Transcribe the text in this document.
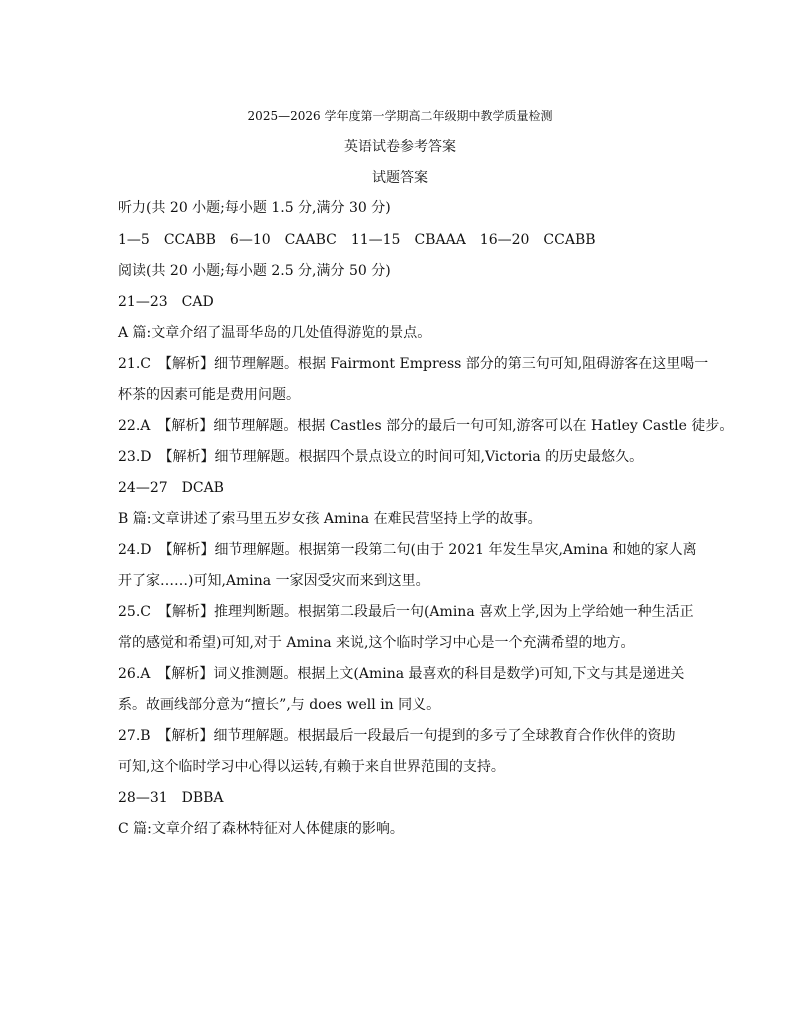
2025—2026 学年度第一学期高二年级期中教学质量检测
英语试卷参考答案
试题答案
听力(共 20 小题;每小题 1.5 分,满分 30 分)
1—5　CCABB　6—10　CAABC　11—15　CBAAA　16—20　CCABB
阅读(共 20 小题;每小题 2.5 分,满分 50 分)
21—23　CAD
A 篇:文章介绍了温哥华岛的几处值得游览的景点。
21.C　【解析】细节理解题。根据 Fairmont Empress 部分的第三句可知,阻碍游客在这里喝一
杯茶的因素可能是费用问题。
22.A　【解析】细节理解题。根据 Castles 部分的最后一句可知,游客可以在 Hatley Castle 徒步。
23.D　【解析】细节理解题。根据四个景点设立的时间可知,Victoria 的历史最悠久。
24—27　DCAB
B 篇:文章讲述了索马里五岁女孩 Amina 在难民营坚持上学的故事。
24.D　【解析】细节理解题。根据第一段第二句(由于 2021 年发生旱灾,Amina 和她的家人离
开了家……)可知,Amina 一家因受灾而来到这里。
25.C　【解析】推理判断题。根据第二段最后一句(Amina 喜欢上学,因为上学给她一种生活正
常的感觉和希望)可知,对于 Amina 来说,这个临时学习中心是一个充满希望的地方。
26.A　【解析】词义推测题。根据上文(Amina 最喜欢的科目是数学)可知,下文与其是递进关
系。故画线部分意为“擅长”,与 does well in 同义。
27.B　【解析】细节理解题。根据最后一段最后一句提到的多亏了全球教育合作伙伴的资助
可知,这个临时学习中心得以运转,有赖于来自世界范围的支持。
28—31　DBBA
C 篇:文章介绍了森林特征对人体健康的影响。
